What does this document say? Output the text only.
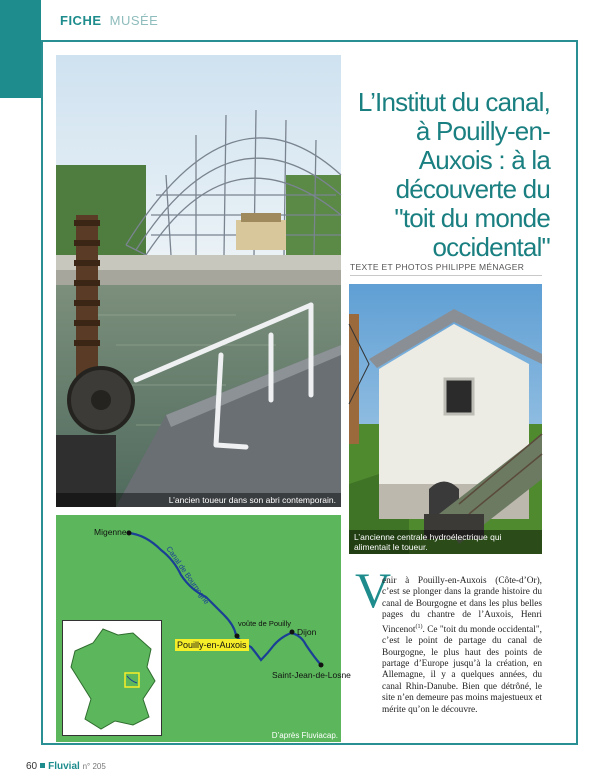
FICHE MUSÉE
L’ancien toueur dans son abri contemporain.
L’Institut du canal, à Pouilly-en-Auxois : à la découverte du "toit du monde occidental"
TEXTE ET PHOTOS PHILIPPE MÉNAGER
L’ancienne centrale hydroélectrique qui alimentait le toueur.
Migennes
Canal de Bourgogne
voûte de Pouilly
Pouilly-en-Auxois
Dijon
Saint-Jean-de-Losne
D’après Fluviacap.
V
enir à Pouilly-en-Auxois (Côte-d’Or), c’est se plonger dans la grande histoire du canal de Bourgogne et dans les plus belles pages du chantre de l’Auxois, Henri Vincenot$^{(1)}$. Ce "toit du monde occidental", c’est le point de partage du canal de Bourgogne, le plus haut des points de partage d’Europe jusqu’à la création, en Allemagne, il y a quelques années, du canal Rhin-Danube. Bien que détrôné, le site n’en demeure pas moins majestueux et mérite qu’on le découvre.
60 Fluvial n° 205
